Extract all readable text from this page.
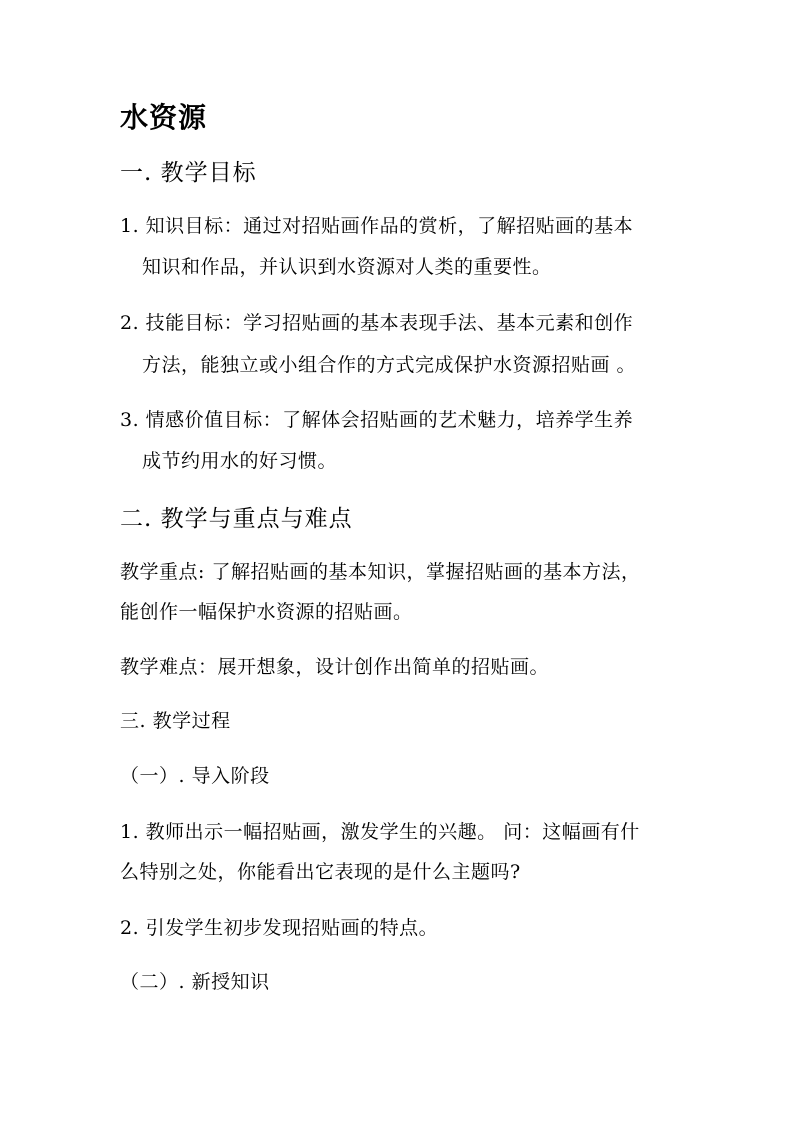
水资源
一. 教学目标
1. 知识目标：通过对招贴画作品的赏析，了解招贴画的基本
知识和作品，并认识到水资源对人类的重要性。
2. 技能目标：学习招贴画的基本表现手法、基本元素和创作
方法，能独立或小组合作的方式完成保护水资源招贴画 。
3. 情感价值目标：了解体会招贴画的艺术魅力，培养学生养
成节约用水的好习惯。
二. 教学与重点与难点
教学重点: 了解招贴画的基本知识，掌握招贴画的基本方法，
能创作一幅保护水资源的招贴画。
教学难点：展开想象，设计创作出简单的招贴画。
三. 教学过程
（一）. 导入阶段
1. 教师出示一幅招贴画，激发学生的兴趣。 问：这幅画有什
么特别之处，你能看出它表现的是什么主题吗?
2. 引发学生初步发现招贴画的特点。
（二）. 新授知识
